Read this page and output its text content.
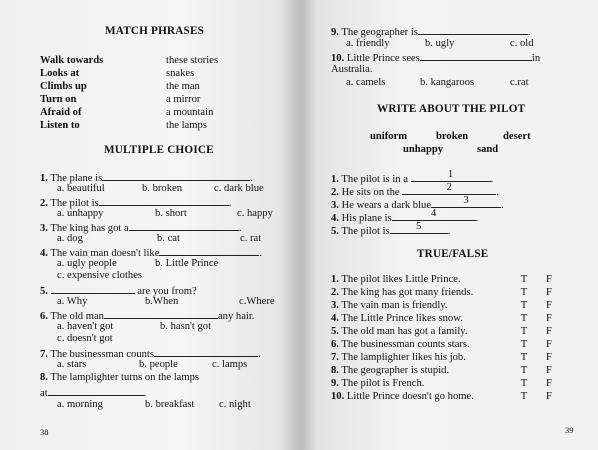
MATCH PHRASES
Walk towards	these stories
Looks at	snakes
Climbs up	the man
Turn on	a mirror
Afraid of	a mountain
Listen to	the lamps
MULTIPLE CHOICE
1. The plane is	.
a. beautiful	b. broken	c. dark blue
2. The pilot is	.
a. unhappy	b. short	c. happy
3. The king has got a	.
a. dog	b. cat	c. rat
4. The vain man doesn't like	.
a. ugly people	b. Little Prince
c. expensive clothes
5.	are you from?
a. Why	b.When	c.Where
6. The old man	any hair.
a. haven't got	b. hasn't got
c. doesn't got
7. The businessman counts	.
a. stars	b. people	c. lamps
8. The lamplighter turns on the lamps
at	.
a. morning	b. breakfast c. night
38
9. The geographer is	.
a. friendly	b. ugly	c. old
10. Little Prince sees	in
Australia.
a. camels	b. kangaroos	c.rat
WRITE ABOUT THE PILOT
uniform	broken	desert
unhappy	sand
1. The pilot is in a	1	.
2. He sits on the	2	.
3. He wears a dark blue	3	.
4. His plane is	4	.
5. The pilot is	5	.
TRUE/FALSE
1. The pilot likes Little Prince.	T F
2. The king has got many friends.	T F
3. The vain man is friendly.	T F
4. The Little Prince likes snow.	T F
5. The old man has got a family.	T F
6. The businessman counts stars.	T F
7. The lamplighter likes his job.	T F
8. The geographer is stupid.	T F
9. The pilot is French.	T F
10. Little Prince doesn't go home.	T F
39
